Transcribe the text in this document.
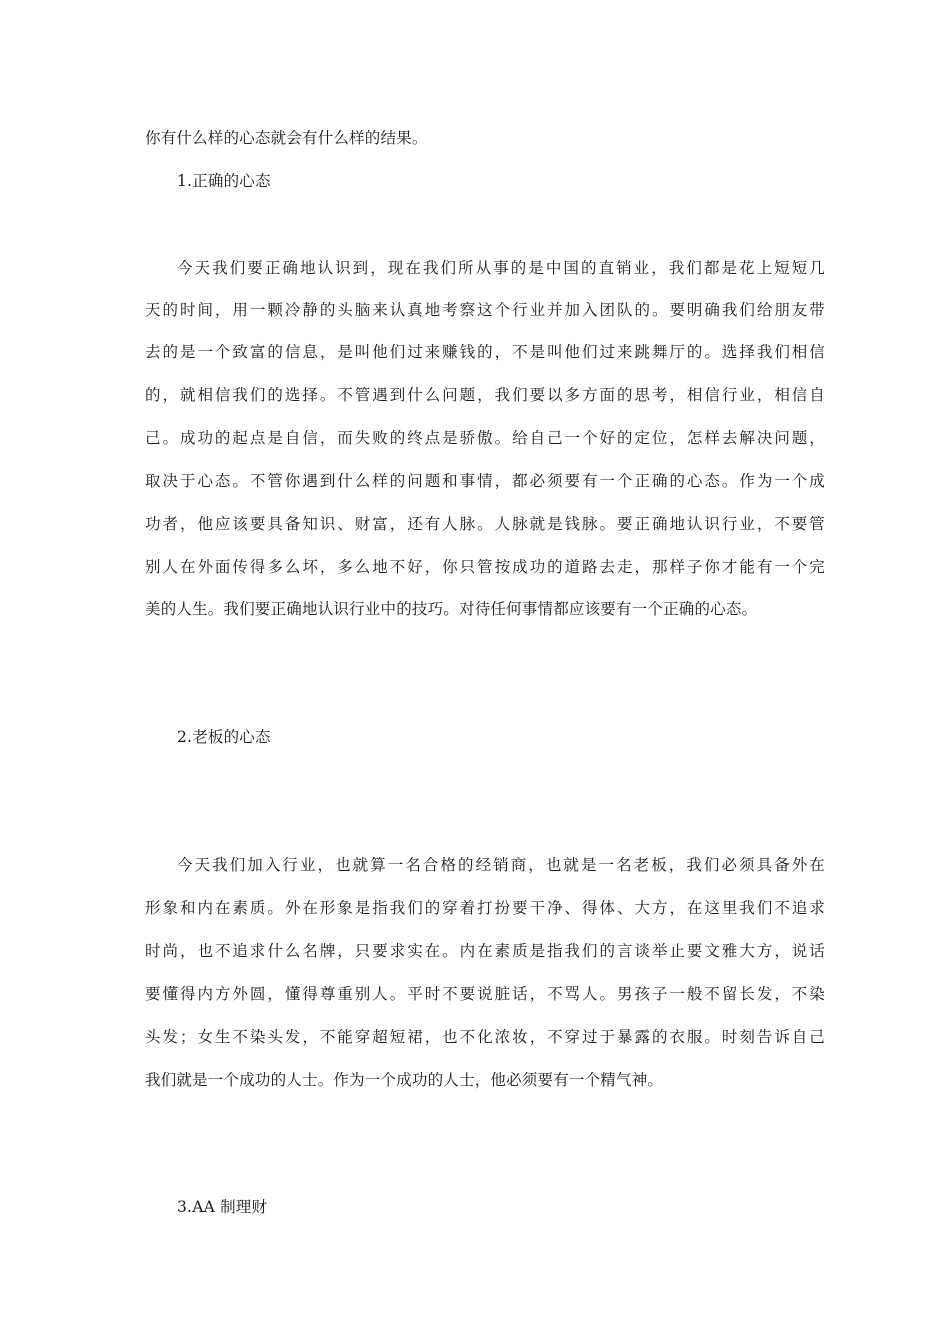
你有什么样的心态就会有什么样的结果。
1.正确的心态
今天我们要正确地认识到，现在我们所从事的是中国的直销业，我们都是花上短短几
天的时间，用一颗冷静的头脑来认真地考察这个行业并加入团队的。要明确我们给朋友带
去的是一个致富的信息，是叫他们过来赚钱的，不是叫他们过来跳舞厅的。选择我们相信
的，就相信我们的选择。不管遇到什么问题，我们要以多方面的思考，相信行业，相信自
己。成功的起点是自信，而失败的终点是骄傲。给自己一个好的定位，怎样去解决问题，
取决于心态。不管你遇到什么样的问题和事情，都必须要有一个正确的心态。作为一个成
功者，他应该要具备知识、财富，还有人脉。人脉就是钱脉。要正确地认识行业，不要管
别人在外面传得多么坏，多么地不好，你只管按成功的道路去走，那样子你才能有一个完
美的人生。我们要正确地认识行业中的技巧。对待任何事情都应该要有一个正确的心态。
2.老板的心态
今天我们加入行业，也就算一名合格的经销商，也就是一名老板，我们必须具备外在
形象和内在素质。外在形象是指我们的穿着打扮要干净、得体、大方，在这里我们不追求
时尚，也不追求什么名牌，只要求实在。内在素质是指我们的言谈举止要文雅大方，说话
要懂得内方外圆，懂得尊重别人。平时不要说脏话，不骂人。男孩子一般不留长发，不染
头发；女生不染头发，不能穿超短裙，也不化浓妆，不穿过于暴露的衣服。时刻告诉自己
我们就是一个成功的人士。作为一个成功的人士，他必须要有一个精气神。
3.AA 制理财
